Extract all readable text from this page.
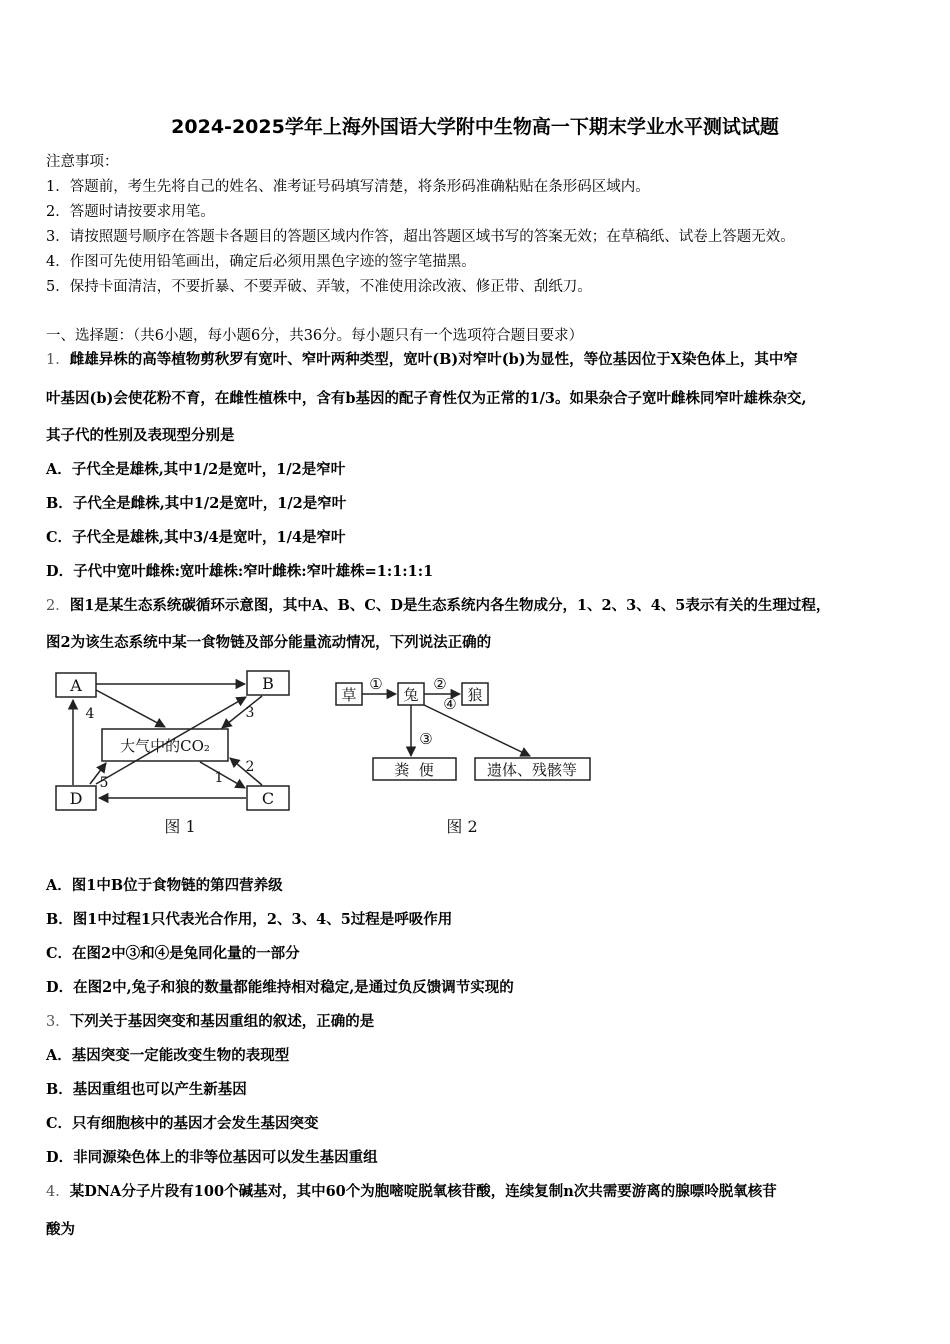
2024-2025学年上海外国语大学附中生物高一下期末学业水平测试试题
注意事项：
1．答题前，考生先将自己的姓名、准考证号码填写清楚，将条形码准确粘贴在条形码区域内。
2．答题时请按要求用笔。
3．请按照题号顺序在答题卡各题目的答题区域内作答，超出答题区域书写的答案无效；在草稿纸、试卷上答题无效。
4．作图可先使用铅笔画出，确定后必须用黑色字迹的签字笔描黑。
5．保持卡面清洁，不要折暴、不要弄破、弄皱，不准使用涂改液、修正带、刮纸刀。
一、选择题：（共6小题，每小题6分，共36分。每小题只有一个选项符合题目要求）
1．雌雄异株的高等植物剪秋罗有宽叶、窄叶两种类型，宽叶(B)对窄叶(b)为显性，等位基因位于X染色体上，其中窄
叶基因(b)会使花粉不育，在雌性植株中，含有b基因的配子育性仅为正常的1/3。如果杂合子宽叶雌株同窄叶雄株杂交,
其子代的性别及表现型分别是
A．子代全是雄株,其中1/2是宽叶，1/2是窄叶
B．子代全是雌株,其中1/2是宽叶，1/2是窄叶
C．子代全是雄株,其中3/4是宽叶，1/4是窄叶
D．子代中宽叶雌株:宽叶雄株:窄叶雌株:窄叶雄株=1:1:1:1
2．图1是某生态系统碳循环示意图，其中A、B、C、D是生态系统内各生物成分，1、2、3、4、5表示有关的生理过程，
图2为该生态系统中某一食物链及部分能量流动情况，下列说法正确的
A	B
D	C
大气中的CO₂
1
2
3
4
5
图 1
草	兔	狼
粪  便	遗体、残骸等
①	②
③
④
图 2
A．图1中B位于食物链的第四营养级
B．图1中过程1只代表光合作用，2、3、4、5过程是呼吸作用
C．在图2中③和④是兔同化量的一部分
D．在图2中,兔子和狼的数量都能维持相对稳定,是通过负反馈调节实现的
3．下列关于基因突变和基因重组的叙述，正确的是
A．基因突变一定能改变生物的表现型
B．基因重组也可以产生新基因
C．只有细胞核中的基因才会发生基因突变
D．非同源染色体上的非等位基因可以发生基因重组
4．某DNA分子片段有100个碱基对，其中60个为胞嘧啶脱氧核苷酸，连续复制n次共需要游离的腺嘌呤脱氧核苷
酸为
